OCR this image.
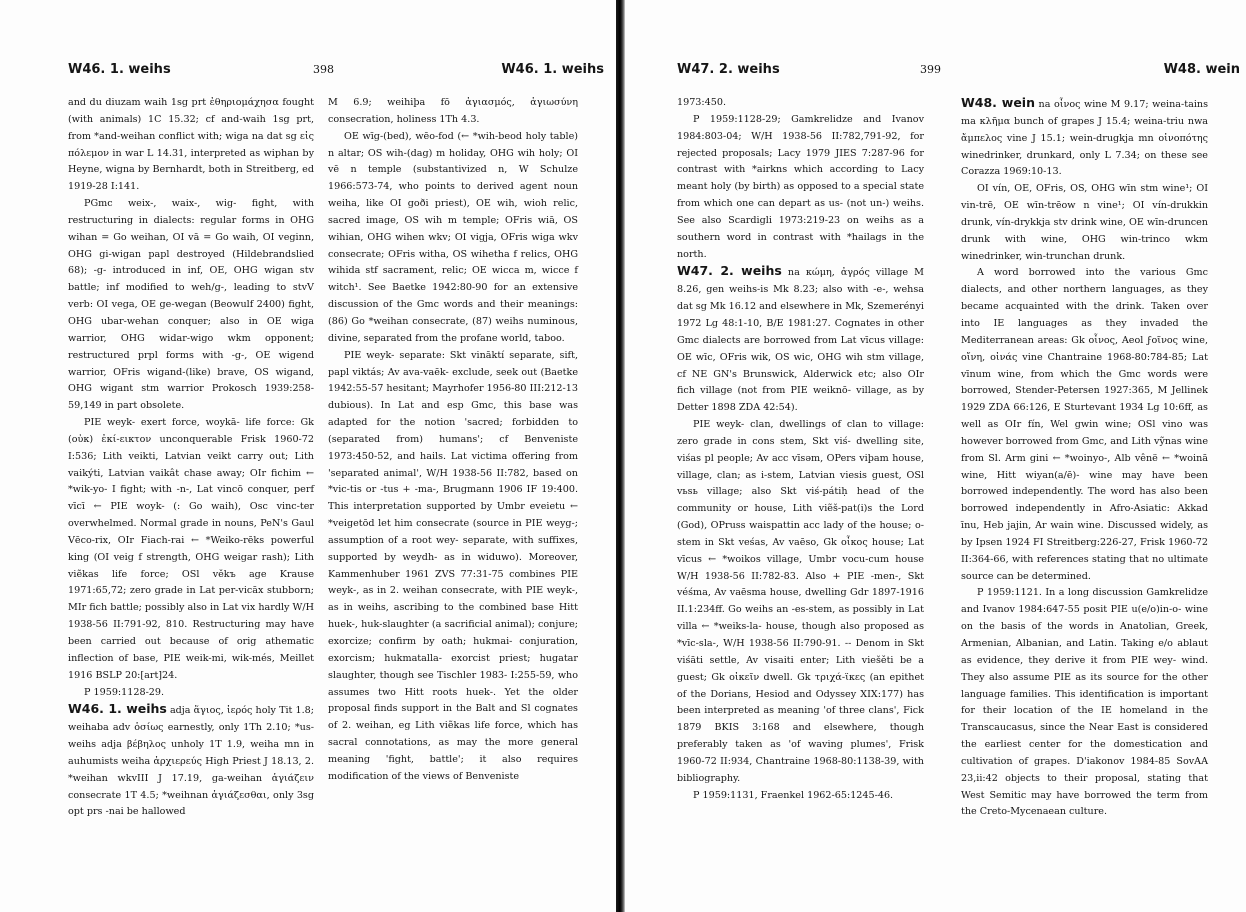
W46. 1. weihs	398	W46. 1. weihs

and du diuzam waih 1sg prt ἐθηριομάχησα fought (with animals) 1C 15.32; cf and-waih 1sg prt, from *and-weihan conflict with; wiga na dat sg εἰς πόλεμον in war L 14.31, interpreted as wiphan by Heyne, wigna by Bernhardt, both in Streitberg, ed 1919-28 I:141.

PGmc weix-, waix-, wig- fight, with restructuring in dialects: regular forms in OHG wihan = Go weihan, OI vā = Go waih, OI veginn, OHG gi-wigan papl destroyed (Hildebrandslied 68); -g- introduced in inf, OE, OHG wigan stv battle; inf modified to weh/g-, leading to stvV verb: OI vega, OE ge-wegan (Beowulf 2400) fight, OHG ubar-wehan conquer; also in OE wiga warrior, OHG widar-wigo wkm opponent; restructured prpl forms with -g-, OE wigend warrior, OFris wigand-(like) brave, OS wigand, OHG wigant stm warrior Prokosch 1939:258-59,149 in part obsolete.

PIE weyk- exert force, woykā- life force: Gk (οὐκ) ἐκί-εικτον unconquerable Frisk 1960-72 I:536; Lith veikti, Latvian veikt carry out; Lith vaikýti, Latvian vaikât chase away; OIr fichim ← *wik-yo- I fight; with -n-, Lat vincō conquer, perf vīcī ← PIE woyk- (: Go waih), Osc vinc-ter overwhelmed. Normal grade in nouns, PeN's Gaul Vēco-rix, OIr Fiach-rai ← *Weiko-rēks powerful king (OI veig f strength, OHG weigar rash); Lith viẽkas life force; OSl věkъ age Krause 1971:65,72; zero grade in Lat per-vicāx stubborn; MIr fich battle; possibly also in Lat vix hardly W/H 1938-56 II:791-92, 810. Restructuring may have been carried out because of orig athematic inflection of base, PIE weik-mi, wik-més, Meillet 1916 BSLP 20:[art]24.

P 1959:1128-29.

W46. 1. weihs adja ἅγιος, ἱερός holy Tit 1.8; weihaba adv ὁσίως earnestly, only 1Th 2.10; *us-weihs adja βέβηλος unholy 1T 1.9, weiha mn in auhumists weiha ἀρχιερεύς High Priest J 18.13, 2. *weihan wkvIII J 17.19, ga-weihan ἁγιάζειν consecrate 1T 4.5; *weihnan ἁγιάζεσθαι, only 3sg opt prs -nai be hallowed

M 6.9; weihiþa fō ἁγιασμός, ἁγιωσύνη consecration, holiness 1Th 4.3.

OE wīg-(bed), wēo-fod (← *wih-beod holy table) n altar; OS wih-(dag) m holiday, OHG wih holy; OI vē n temple (substantivized n, W Schulze 1966:573-74, who points to derived agent noun weiha, like OI goði priest), OE wih, wioh relic, sacred image, OS wih m temple; OFris wiā, OS wihian, OHG wihen wkv; OI vigja, OFris wiga wkv consecrate; OFris witha, OS wihetha f relics, OHG wihida stf sacrament, relic; OE wicca m, wicce f witch¹. See Baetke 1942:80-90 for an extensive discussion of the Gmc words and their meanings: (86) Go *weihan consecrate, (87) weihs numinous, divine, separated from the profane world, taboo.

PIE weyk- separate: Skt vināktí separate, sift, papl viktás; Av ava-vaēk- exclude, seek out (Baetke 1942:55-57 hesitant; Mayrhofer 1956-80 III:212-13 dubious). In Lat and esp Gmc, this base was adapted for the notion 'sacred; forbidden to (separated from) humans'; cf Benveniste 1973:450-52, and hails. Lat victima offering from 'separated animal', W/H 1938-56 II:782, based on *vic-tis or -tus + -ma-, Brugmann 1906 IF 19:400. This interpretation supported by Umbr eveietu ← *veigetōd let him consecrate (source in PIE weyg-; assumption of a root wey- separate, with suffixes, supported by weydh- as in widuwo). Moreover, Kammenhuber 1961 ZVS 77:31-75 combines PIE weyk-, as in 2. weihan consecrate, with PIE weyk-, as in weihs, ascribing to the combined base Hitt huek-, huk-slaughter (a sacrificial animal); conjure; exorcize; confirm by oath; hukmai- conjuration, exorcism; hukmatalla- exorcist priest; hugatar slaughter, though see Tischler 1983- I:255-59, who assumes two Hitt roots huek-. Yet the older proposal finds support in the Balt and Sl cognates of 2. weihan, eg Lith viẽkas life force, which has sacral connotations, as may the more general meaning 'fight, battle'; it also requires modification of the views of Benveniste

W47. 2. weihs	399	W48. wein

1973:450.

P 1959:1128-29; Gamkrelidze and Ivanov 1984:803-04; W/H 1938-56 II:782,791-92, for rejected proposals; Lacy 1979 JIES 7:287-96 for contrast with *airkns which according to Lacy meant holy (by birth) as opposed to a special state from which one can depart as us- (not un-) weihs. See also Scardigli 1973:219-23 on weihs as a southern word in contrast with *hailags in the north.

W47. 2. weihs na κώμη, ἀγρός village M 8.26, gen weihs-is Mk 8.23; also with -e-, wehsa dat sg Mk 16.12 and elsewhere in Mk, Szemerényi 1972 Lg 48:1-10, B/E 1981:27. Cognates in other Gmc dialects are borrowed from Lat vīcus village: OE wīc, OFris wik, OS wic, OHG wih stm village, cf NE GN's Brunswick, Alderwick etc; also OIr fich village (not from PIE weiknō- village, as by Detter 1898 ZDA 42:54).

PIE weyk- clan, dwellings of clan to village: zero grade in cons stem, Skt viś- dwelling site, viśas pl people; Av acc vīsəm, OPers viþam house, village, clan; as i-stem, Latvian viesis guest, OSl vьsь village; also Skt viś-pátiḥ head of the community or house, Lith viẽš-pat(i)s the Lord (God), OPruss waispattin acc lady of the house; o-stem in Skt veśas, Av vaēso, Gk οἶκος house; Lat vīcus ← *woikos village, Umbr vocu-cum house W/H 1938-56 II:782-83. Also + PIE -men-, Skt véśma, Av vaēsma house, dwelling Gdr 1897-1916 II.1:234ff. Go weihs an -es-stem, as possibly in Lat villa ← *weiks-la- house, though also proposed as *vīc-sla-, W/H 1938-56 II:790-91. -- Denom in Skt viśāti settle, Av visaiti enter; Lith viešěti be a guest; Gk οἰκεῖν dwell. Gk τριχά-ϊκες (an epithet of the Dorians, Hesiod and Odyssey XIX:177) has been interpreted as meaning 'of three clans', Fick 1879 BKIS 3:168 and elsewhere, though preferably taken as 'of waving plumes', Frisk 1960-72 II:934, Chantraine 1968-80:1138-39, with bibliography.

P 1959:1131, Fraenkel 1962-65:1245-46.

W48. wein na οἶνος wine M 9.17; weina-tains ma κλῆμα bunch of grapes J 15.4; weina-triu nwa ἄμπελος vine J 15.1; wein-drugkja mn οἰνοπότης winedrinker, drunkard, only L 7.34; on these see Corazza 1969:10-13.

OI vín, OE, OFris, OS, OHG wīn stm wine¹; OI vin-trē, OE wīn-trēow n vine¹; OI vín-drukkin drunk, vín-drykkja stv drink wine, OE wīn-druncen drunk with wine, OHG win-trinco wkm winedrinker, win-trunchan drunk.

A word borrowed into the various Gmc dialects, and other northern languages, as they became acquainted with the drink. Taken over into IE languages as they invaded the Mediterranean areas: Gk οἶνος, Aeol ϝοῖνος wine, οἴνη, οἰνάς vine Chantraine 1968-80:784-85; Lat vīnum wine, from which the Gmc words were borrowed, Stender-Petersen 1927:365, M Jellinek 1929 ZDA 66:126, E Sturtevant 1934 Lg 10:6ff, as well as OIr fín, Wel gwin wine; OSl vino was however borrowed from Gmc, and Lith vỹnas wine from Sl. Arm gini ← *woinyo-, Alb vênë ← *woinā wine, Hitt wiyan(a/ē)- wine may have been borrowed independently. The word has also been borrowed independently in Afro-Asiatic: Akkad īnu, Heb jajin, Ar wain wine. Discussed widely, as by Ipsen 1924 FI Streitberg:226-27, Frisk 1960-72 II:364-66, with references stating that no ultimate source can be determined.

P 1959:1121. In a long discussion Gamkrelidze and Ivanov 1984:647-55 posit PIE u(e/o)in-o- wine on the basis of the words in Anatolian, Greek, Armenian, Albanian, and Latin. Taking e/o ablaut as evidence, they derive it from PIE wey- wind. They also assume PIE as its source for the other language families. This identification is important for their location of the IE homeland in the Transcaucasus, since the Near East is considered the earliest center for the domestication and cultivation of grapes. D'iakonov 1984-85 SovAA 23,ii:42 objects to their proposal, stating that West Semitic may have borrowed the term from the Creto-Mycenaean culture.
